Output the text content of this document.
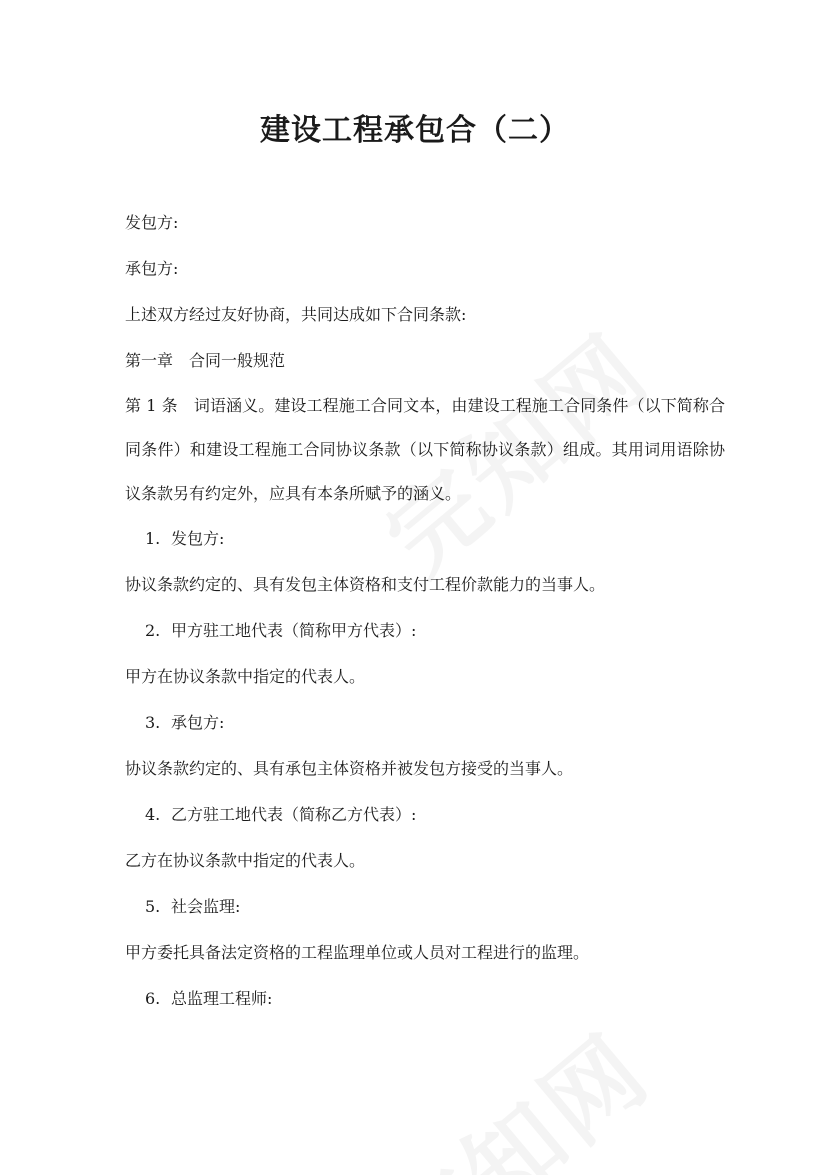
建设工程承包合（二）

发包方:

承包方:

上述双方经过友好协商，共同达成如下合同条款:

第一章 合同一般规范

第 1 条 词语涵义。建设工程施工合同文本，由建设工程施工合同条件（以下简称合同条件）和建设工程施工合同协议条款（以下简称协议条款）组成。其用词用语除协议条款另有约定外，应具有本条所赋予的涵义。

1. 发包方:

协议条款约定的、具有发包主体资格和支付工程价款能力的当事人。

2. 甲方驻工地代表（简称甲方代表）:

甲方在协议条款中指定的代表人。

3. 承包方:

协议条款约定的、具有承包主体资格并被发包方接受的当事人。

4. 乙方驻工地代表（简称乙方代表）:

乙方在协议条款中指定的代表人。

5. 社会监理:

甲方委托具备法定资格的工程监理单位或人员对工程进行的监理。

6. 总监理工程师:
